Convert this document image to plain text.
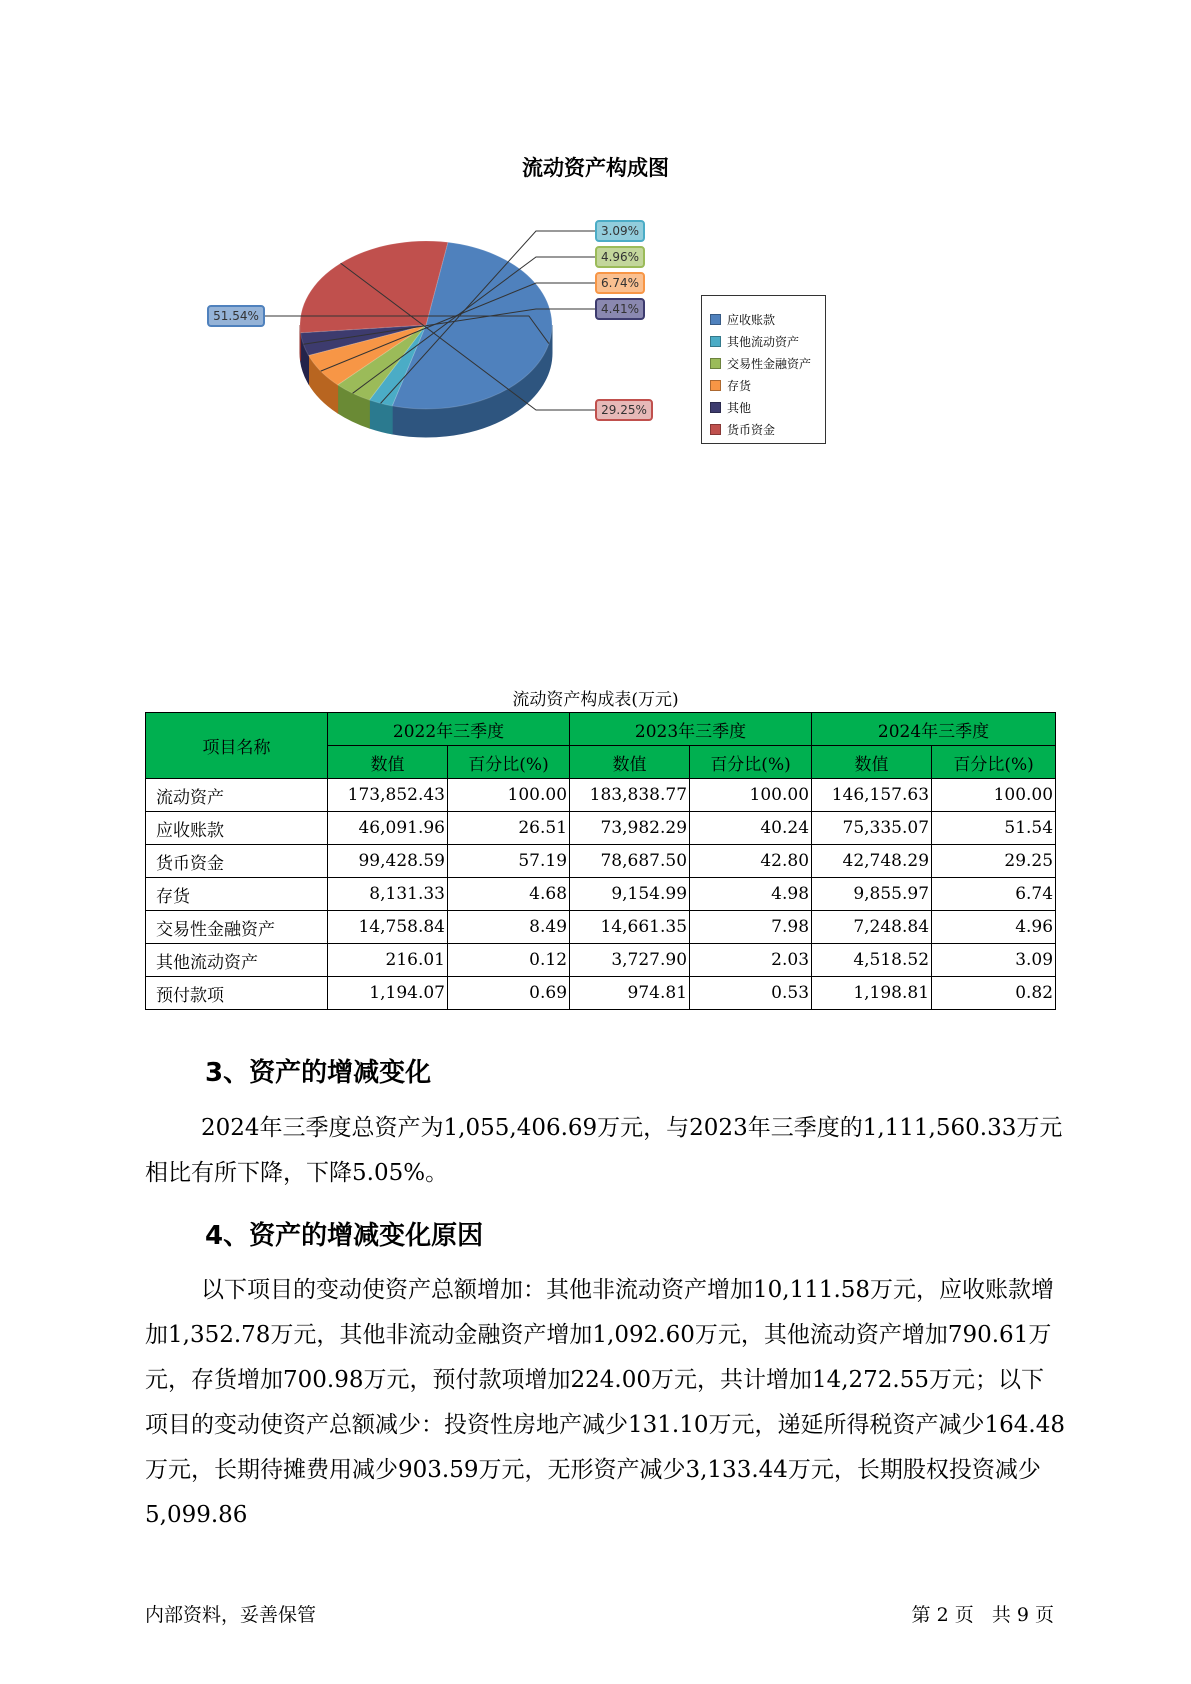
流动资产构成图
51.54%
3.09%
4.96%
6.74%
4.41%
29.25%
应收账款
其他流动资产
交易性金融资产
存货
其他
货币资金
流动资产构成表(万元)
项目名称	2022年三季度		2023年三季度		2024年三季度	
	数值	百分比(%)	数值	百分比(%)	数值	百分比(%)
流动资产	173,852.43	100.00	183,838.77	100.00	146,157.63	100.00
应收账款	46,091.96	26.51	73,982.29	40.24	75,335.07	51.54
货币资金	99,428.59	57.19	78,687.50	42.80	42,748.29	29.25
存货	8,131.33	4.68	9,154.99	4.98	9,855.97	6.74
交易性金融资产	14,758.84	8.49	14,661.35	7.98	7,248.84	4.96
其他流动资产	216.01	0.12	3,727.90	2.03	4,518.52	3.09
预付款项	1,194.07	0.69	974.81	0.53	1,198.81	0.82
3、资产的增减变化

2024年三季度总资产为1,055,406.69万元，与2023年三季度的1,111,560.33万元相比有所下降，下降5.05%。

4、资产的增减变化原因

以下项目的变动使资产总额增加：其他非流动资产增加10,111.58万元，应收账款增加1,352.78万元，其他非流动金融资产增加1,092.60万元，其他流动资产增加790.61万元，存货增加700.98万元，预付款项增加224.00万元，共计增加14,272.55万元；以下项目的变动使资产总额减少：投资性房地产减少131.10万元，递延所得税资产减少164.48万元，长期待摊费用减少903.59万元，无形资产减少3,133.44万元，长期股权投资减少5,099.86

内部资料，妥善保管	第 2 页   共 9 页
